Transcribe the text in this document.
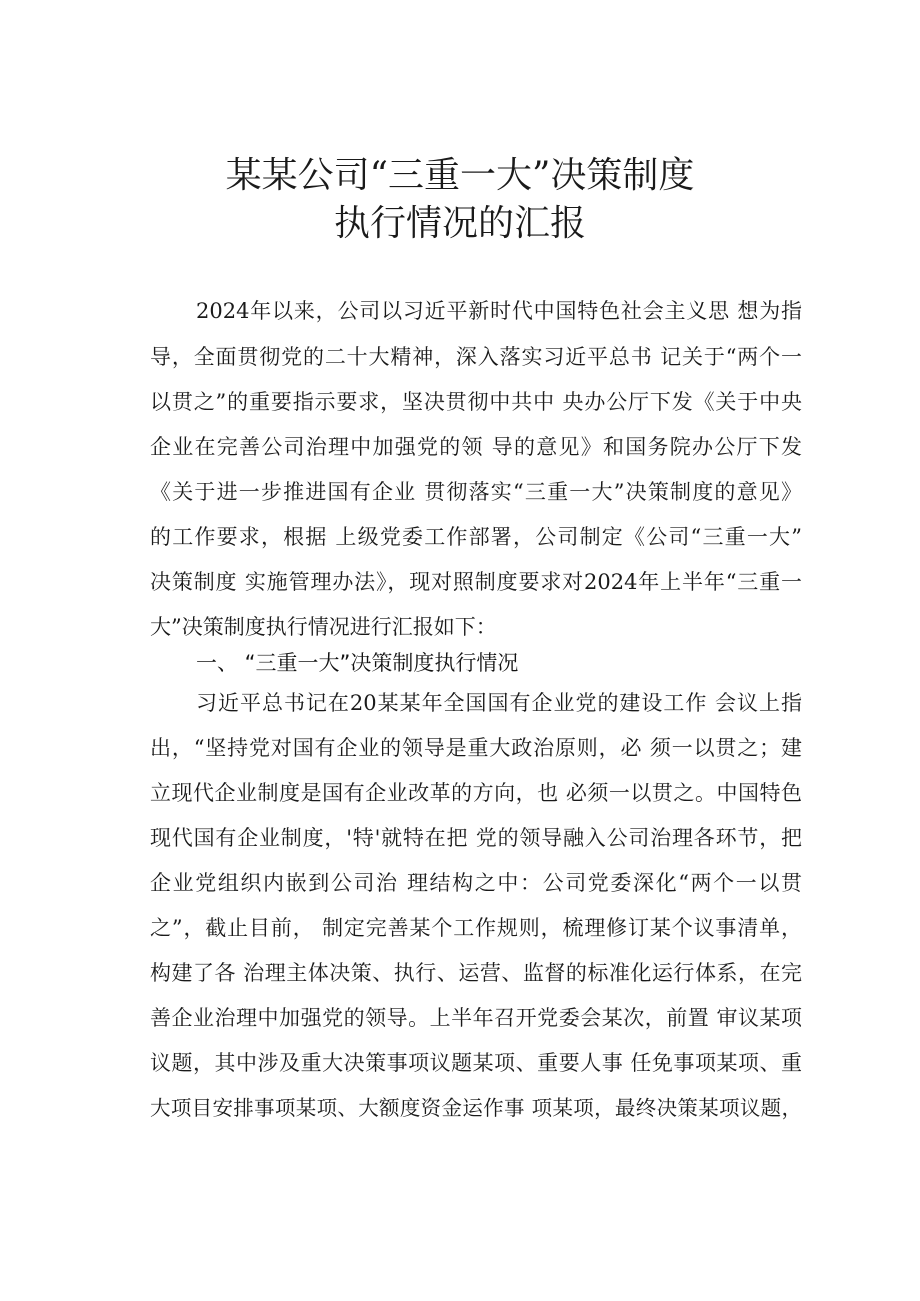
某某公司“三重一大”决策制度
执行情况的汇报
2024年以来，公司以习近平新时代中国特色社会主义思 想为指
导，全面贯彻党的二十大精神，深入落实习近平总书 记关于“两个一
以贯之”的重要指示要求，坚决贯彻中共中 央办公厅下发《关于中央
企业在完善公司治理中加强党的领 导的意见》和国务院办公厅下发
《关于进一步推进国有企业 贯彻落实“三重一大”决策制度的意见》
的工作要求，根据 上级党委工作部署，公司制定《公司“三重一大”
决策制度 实施管理办法》，现对照制度要求对2024年上半年“三重一
大”决策制度执行情况进行汇报如下：
一、 “三重一大”决策制度执行情况
习近平总书记在20某某年全国国有企业党的建设工作 会议上指
出，“坚持党对国有企业的领导是重大政治原则，必 须一以贯之；建
立现代企业制度是国有企业改革的方向，也 必须一以贯之。中国特色
现代国有企业制度，'特'就特在把 党的领导融入公司治理各环节，把
企业党组织内嵌到公司治 理结构之中：公司党委深化“两个一以贯
之”，截止目前， 制定完善某个工作规则，梳理修订某个议事清单，
构建了各 治理主体决策、执行、运营、监督的标准化运行体系，在完
善企业治理中加强党的领导。上半年召开党委会某次，前置 审议某项
议题，其中涉及重大决策事项议题某项、重要人事 任免事项某项、重
大项目安排事项某项、大额度资金运作事 项某项，最终决策某项议题，
